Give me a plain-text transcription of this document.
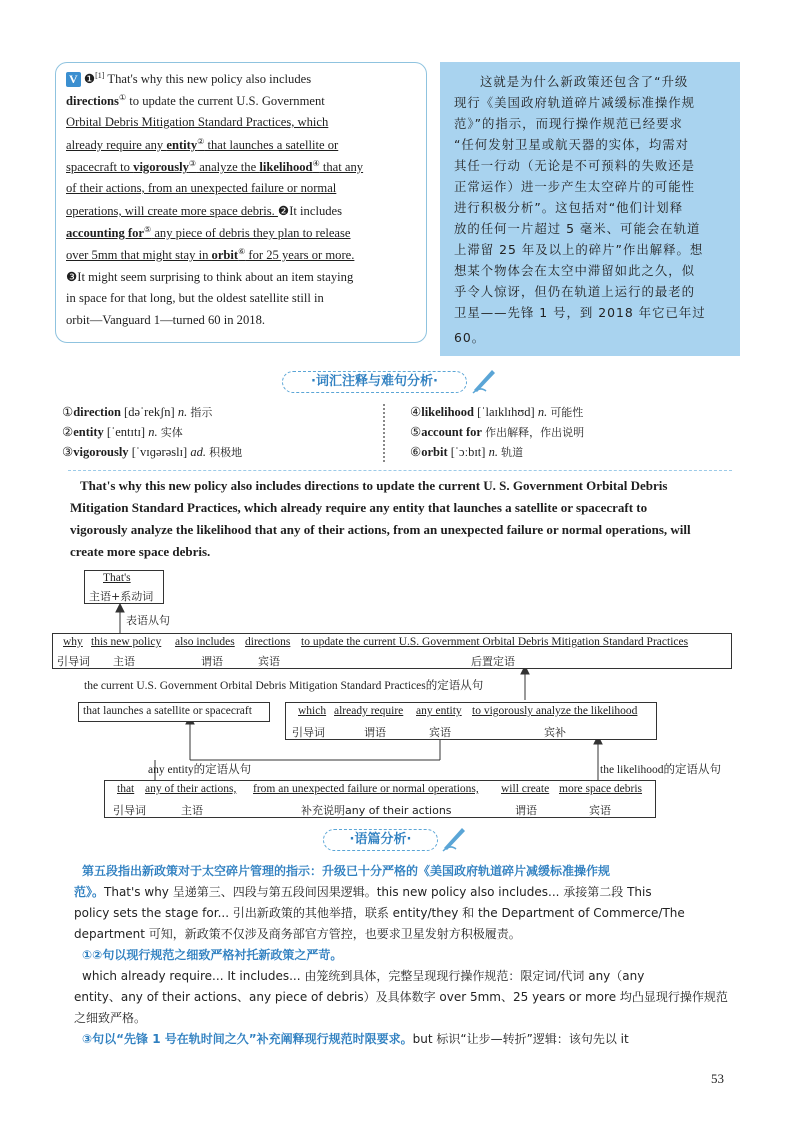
V ❶[1] That's why this new policy also includes
directions① to update the current U.S. Government
Orbital Debris Mitigation Standard Practices, which
already require any entity② that launches a satellite or
spacecraft to vigorously③ analyze the likelihood④ that any
of their actions, from an unexpected failure or normal
operations, will create more space debris. ❷It includes
accounting for⑤ any piece of debris they plan to release
over 5mm that might stay in orbit⑥ for 25 years or more.
❸It might seem surprising to think about an item staying
in space for that long, but the oldest satellite still in
orbit—Vanguard 1—turned 60 in 2018.
这就是为什么新政策还包含了“升级
现行《美国政府轨道碎片减缓标准操作规
范》”的指示，而现行操作规范已经要求
“任何发射卫星或航天器的实体，均需对
其任一行动（无论是不可预料的失败还是
正常运作）进一步产生太空碎片的可能性
进行积极分析”。这包括对“他们计划释
放的任何一片超过 5 毫米、可能会在轨道
上滞留 25 年及以上的碎片”作出解释。想
想某个物体会在太空中滞留如此之久，似
乎令人惊讶，但仍在轨道上运行的最老的
卫星——先锋 1 号，到 2018 年它已年过
60。
·词汇注释与难句分析·
①direction [dəˈrekʃn] n. 指示
②entity [ˈentɪtɪ] n. 实体
③vigorously [ˈvɪɡərəslɪ] ad. 积极地
④likelihood [ˈlaɪklɪhʊd] n. 可能性
⑤account for 作出解释，作出说明
⑥orbit [ˈɔːbɪt] n. 轨道
That's why this new policy also includes directions to update the current U. S. Government Orbital Debris
Mitigation Standard Practices, which already require any entity that launches a satellite or spacecraft to
vigorously analyze the likelihood that any of their actions, from an unexpected failure or normal operations, will
create more space debris.
That's
主语+系动词
表语从句
why this new policy also includes directions to update the current U.S. Government Orbital Debris Mitigation Standard Practices
引导词 主语	谓语	宾语	后置定语
the current U.S. Government Orbital Debris Mitigation Standard Practices的定语从句
that launches a satellite or spacecraft	which already require any entity to vigorously analyze the likelihood
引导词	谓语	宾语	宾补
any entity的定语从句	the likelihood的定语从句
that any of their actions, from an unexpected failure or normal operations, will create more space debris
引导词	主语	补充说明any of their actions	谓语	宾语
·语篇分析·
第五段指出新政策对于太空碎片管理的指示：升级已十分严格的《美国政府轨道碎片减缓标准操作规
范》。That's why 呈递第三、四段与第五段间因果逻辑。this new policy also includes... 承接第二段 This
policy sets the stage for... 引出新政策的其他举措，联系 entity/they 和 the Department of Commerce/The
department 可知，新政策不仅涉及商务部官方管控，也要求卫星发射方积极履责。
①②句以现行规范之细致严格衬托新政策之严苛。
which already require... It includes... 由笼统到具体，完整呈现现行操作规范：限定词/代词 any（any
entity、any of their actions、any piece of debris）及具体数字 over 5mm、25 years or more 均凸显现行操作规范
之细致严格。
③句以“先锋 1 号在轨时间之久”补充阐释现行规范时限要求。but 标识“让步—转折”逻辑：该句先以 it
53
